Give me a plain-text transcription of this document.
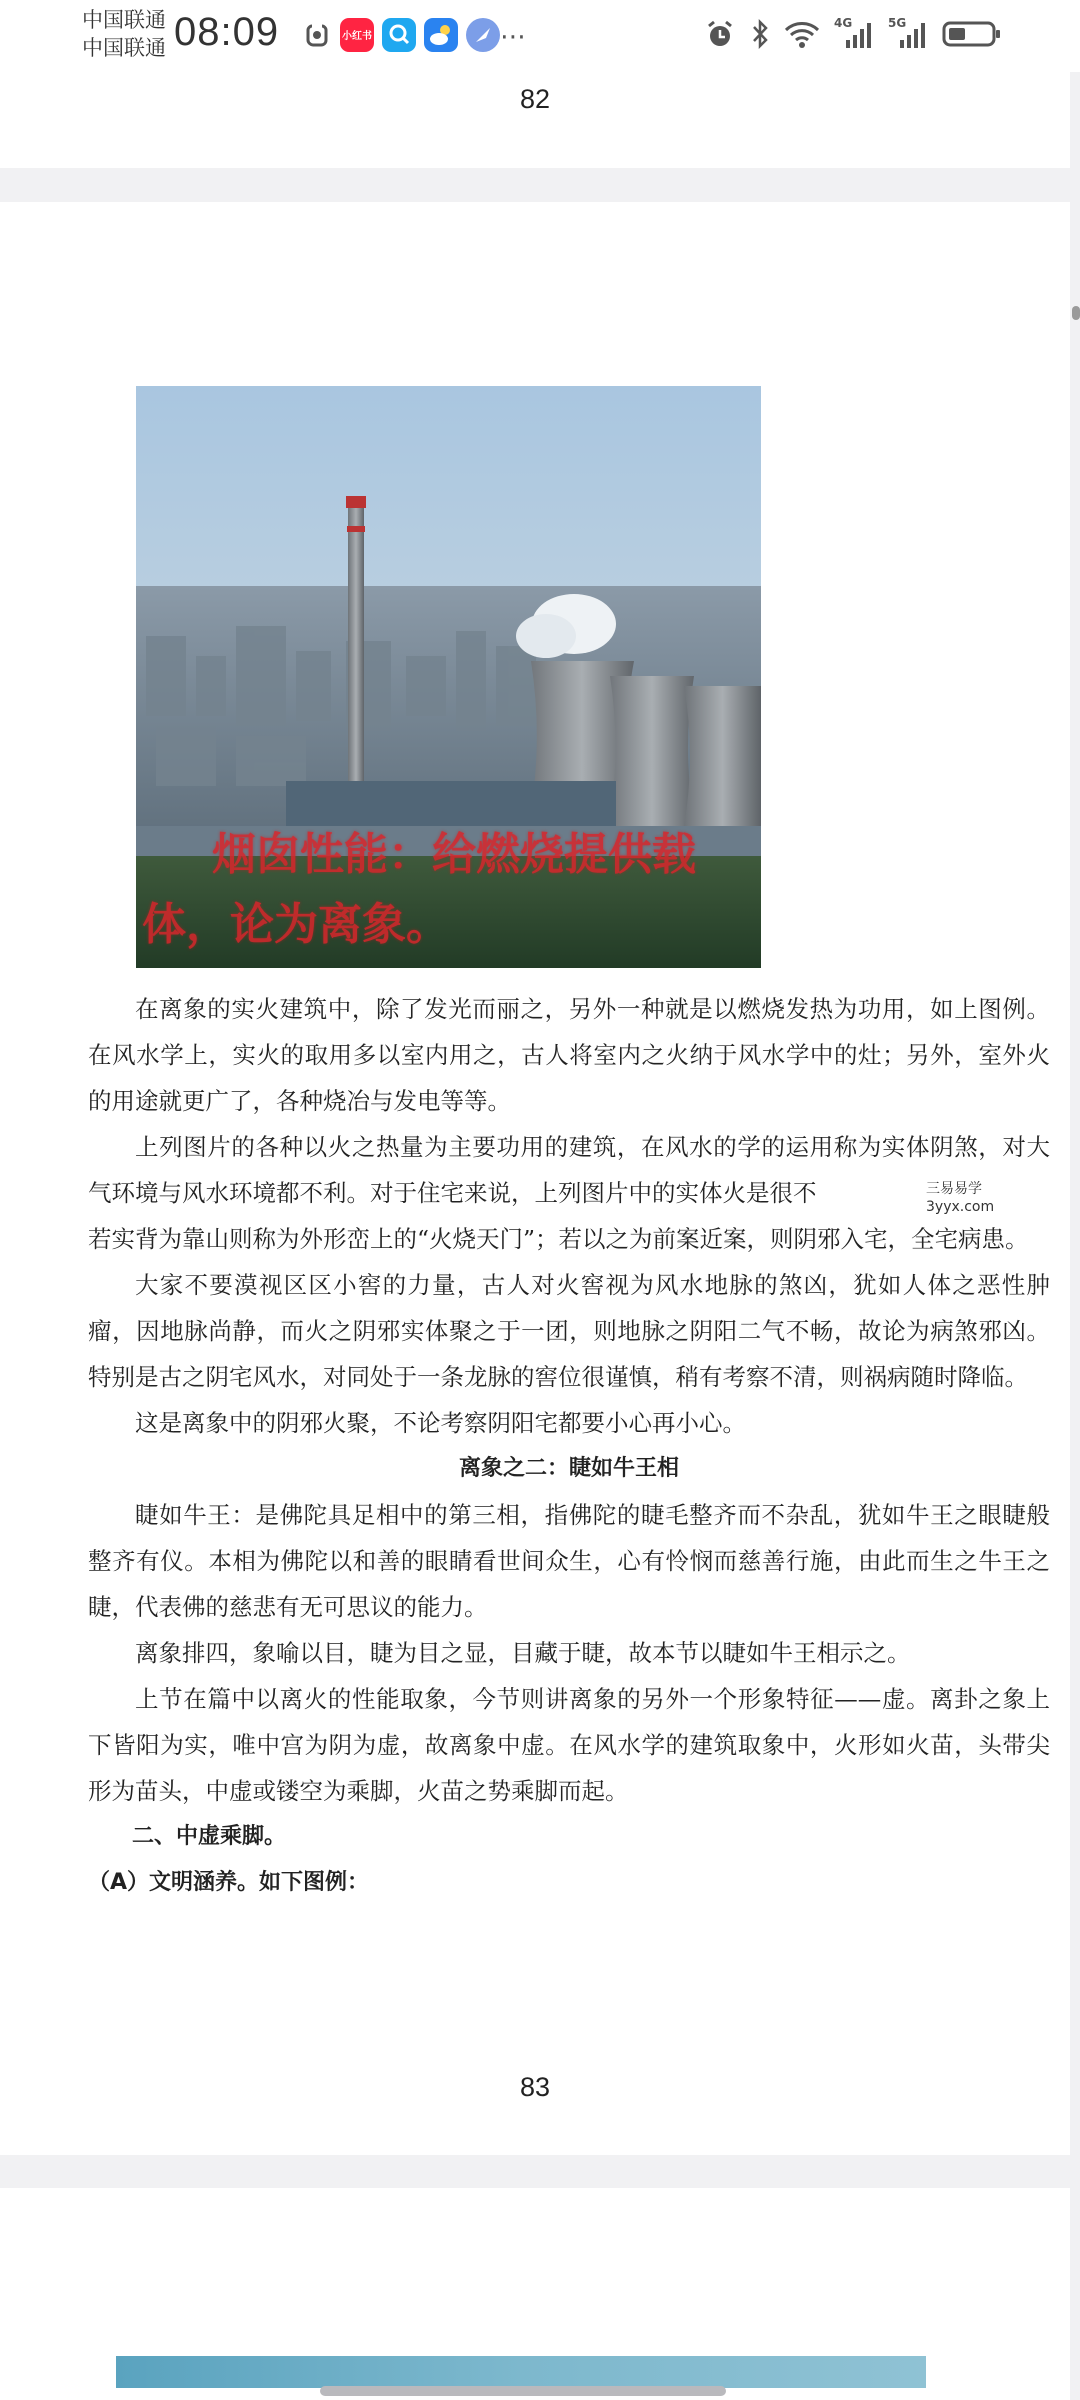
中国联通
中国联通 08:09	小红书	⋯	4G	5G
82
烟囱性能：给燃烧提供载
体，论为离象。

在离象的实火建筑中，除了发光而丽之，另外一种就是以燃烧发热为功用，如上图例。在风水学上，实火的取用多以室内用之，古人将室内之火纳于风水学中的灶；另外，室外火的用途就更广了，各种烧冶与发电等等。

上列图片的各种以火之热量为主要功用的建筑，在风水的学的运用称为实体阴煞，对大气环境与风水环境都不利。对于住宅来说，上列图片中的实体火是很不

若实背为靠山则称为外形峦上的“火烧天门”；若以之为前案近案，则阴邪入宅，全宅病患。

大家不要漠视区区小窖的力量，古人对火窖视为风水地脉的煞凶，犹如人体之恶性肿瘤，因地脉尚静，而火之阴邪实体聚之于一团，则地脉之阴阳二气不畅，故论为病煞邪凶。特别是古之阴宅风水，对同处于一条龙脉的窖位很谨慎，稍有考察不清，则祸病随时降临。

这是离象中的阴邪火聚，不论考察阴阳宅都要小心再小心。

离象之二：睫如牛王相

睫如牛王：是佛陀具足相中的第三相，指佛陀的睫毛整齐而不杂乱，犹如牛王之眼睫般整齐有仪。本相为佛陀以和善的眼睛看世间众生，心有怜悯而慈善行施，由此而生之牛王之睫，代表佛的慈悲有无可思议的能力。

离象排四，象喻以目，睫为目之显，目藏于睫，故本节以睫如牛王相示之。

上节在篇中以离火的性能取象，今节则讲离象的另外一个形象特征——虚。离卦之象上下皆阳为实，唯中宫为阴为虚，故离象中虚。在风水学的建筑取象中，火形如火苗，头带尖形为苗头，中虚或镂空为乘脚，火苗之势乘脚而起。

二、中虚乘脚。

（A）文明涵养。如下图例：

三易易学
3yyx.com
83
